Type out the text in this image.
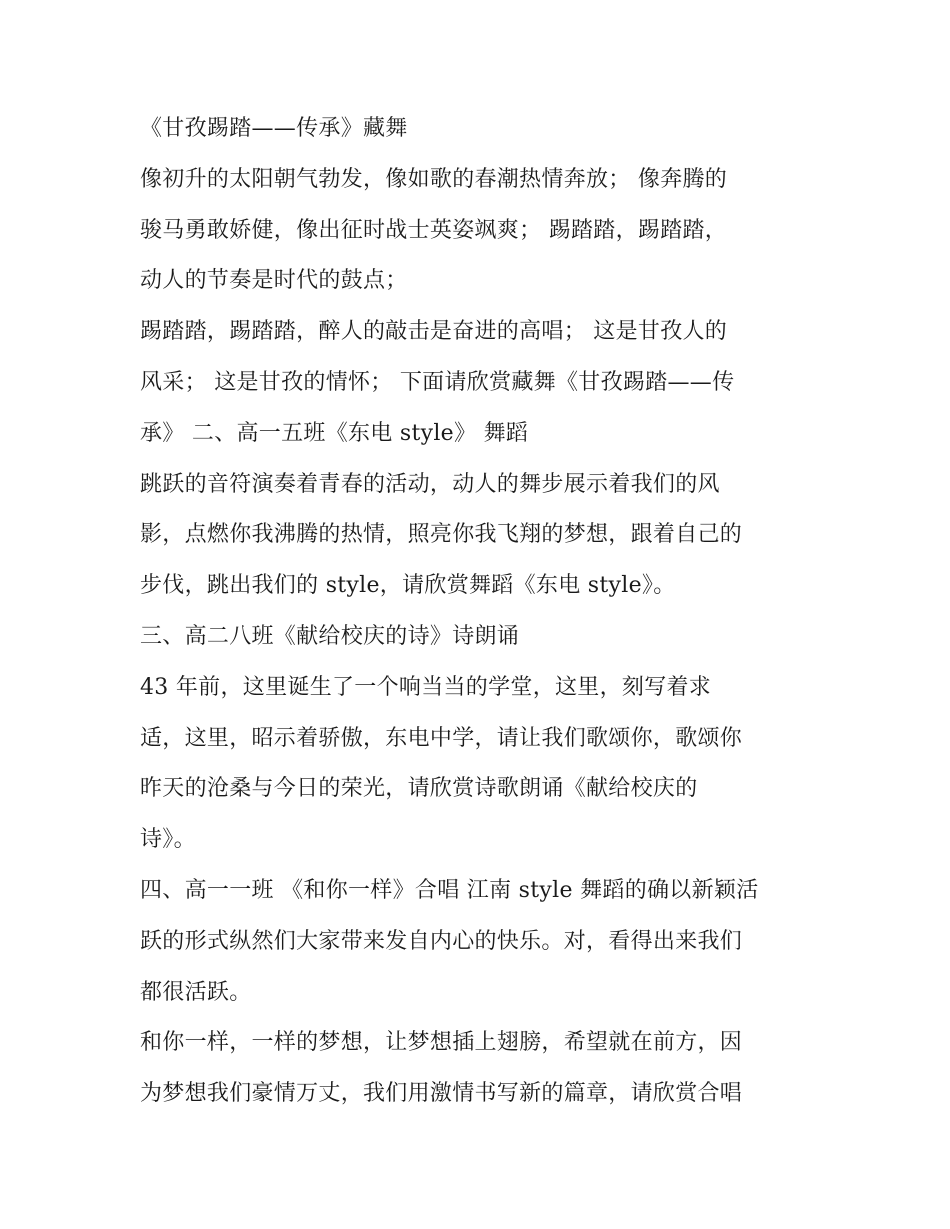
《甘孜踢踏——传承》藏舞
像初升的太阳朝气勃发，像如歌的春潮热情奔放； 像奔腾的
骏马勇敢娇健，像出征时战士英姿飒爽； 踢踏踏，踢踏踏，
动人的节奏是时代的鼓点；
踢踏踏，踢踏踏，醉人的敲击是奋进的高唱； 这是甘孜人的
风采； 这是甘孜的情怀； 下面请欣赏藏舞《甘孜踢踏——传
承》 二、高一五班《东电 style》 舞蹈
跳跃的音符演奏着青春的活动，动人的舞步展示着我们的风
影，点燃你我沸腾的热情，照亮你我飞翔的梦想，跟着自己的
步伐，跳出我们的 style，请欣赏舞蹈《东电 style》。
三、高二八班《献给校庆的诗》诗朗诵
43 年前，这里诞生了一个响当当的学堂，这里，刻写着求
适，这里，昭示着骄傲，东电中学，请让我们歌颂你，歌颂你
昨天的沧桑与今日的荣光，请欣赏诗歌朗诵《献给校庆的
诗》。
四、高一一班 《和你一样》合唱 江南 style 舞蹈的确以新颖活
跃的形式纵然们大家带来发自内心的快乐。对，看得出来我们
都很活跃。
和你一样，一样的梦想，让梦想插上翅膀，希望就在前方，因
为梦想我们豪情万丈，我们用激情书写新的篇章，请欣赏合唱
